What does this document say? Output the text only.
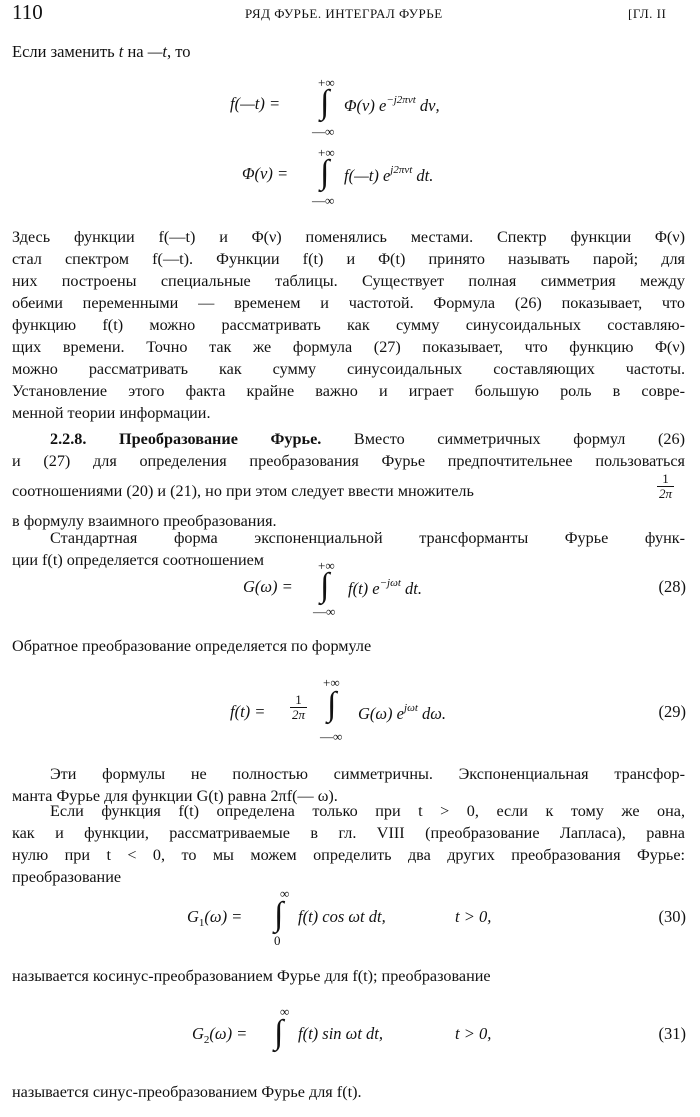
110	РЯД ФУРЬЕ. ИНТЕГРАЛ ФУРЬЕ	[ГЛ. II
Если заменить t на —t, то
f(—t) =
+∞
∫
—∞
Φ(ν) $e^{-j2\pi\nu t}$ dν,
Φ(ν) =
+∞
∫
—∞
f(—t) $e^{j2\pi\nu t}$ dt.
Здесь функции f(—t) и Φ(ν) поменялись местами. Спектр функции Φ(ν)
стал спектром f(—t). Функции f(t) и Φ(t) принято называть парой; для
них построены специальные таблицы. Существует полная симметрия между
обеими переменными — временем и частотой. Формула (26) показывает, что
функцию f(t) можно рассматривать как сумму синусоидальных составляю-
щих времени. Точно так же формула (27) показывает, что функцию Φ(ν)
можно рассматривать как сумму синусоидальных составляющих частоты.
Установление этого факта крайне важно и играет большую роль в совре-
менной теории информации.
2.2.8. Преобразование Фурье. Вместо симметричных формул (26)
и (27) для определения преобразования Фурье предпочтительнее пользоваться
соотношениями (20) и (21), но при этом следует ввести множитель	$\frac{1}{2\pi}$
в формулу взаимного преобразования.
Стандартная форма экспоненциальной трансформанты Фурье функ-
ции f(t) определяется соотношением
G(ω) =
+∞
∫
—∞
f(t) $e^{-j\omega t}$ dt.	(28)
Обратное преобразование определяется по формуле
$f(t) = \frac{1}{2\pi}$
+∞
∫
—∞
G(ω) $e^{j\omega t}$ dω.	(29)
Эти формулы не полностью симметричны. Экспоненциальная трансфор-
манта Фурье для функции G(t) равна 2πf(— ω).
Если функция f(t) определена только при t > 0, если к тому же она,
как и функции, рассматриваемые в гл. VIII (преобразование Лапласа), равна
нулю при t < 0, то мы можем определить два других преобразования Фурье:
преобразование
$G_1(\omega)$ =
∞
∫
0
f(t) cos ωt dt,	t > 0,	(30)
называется косинус-преобразованием Фурье для f(t); преобразование
$G_2(\omega)$ =
∞
∫ f(t) sin ωt dt,	t > 0,	(31)
называется синус-преобразованием Фурье для f(t).
